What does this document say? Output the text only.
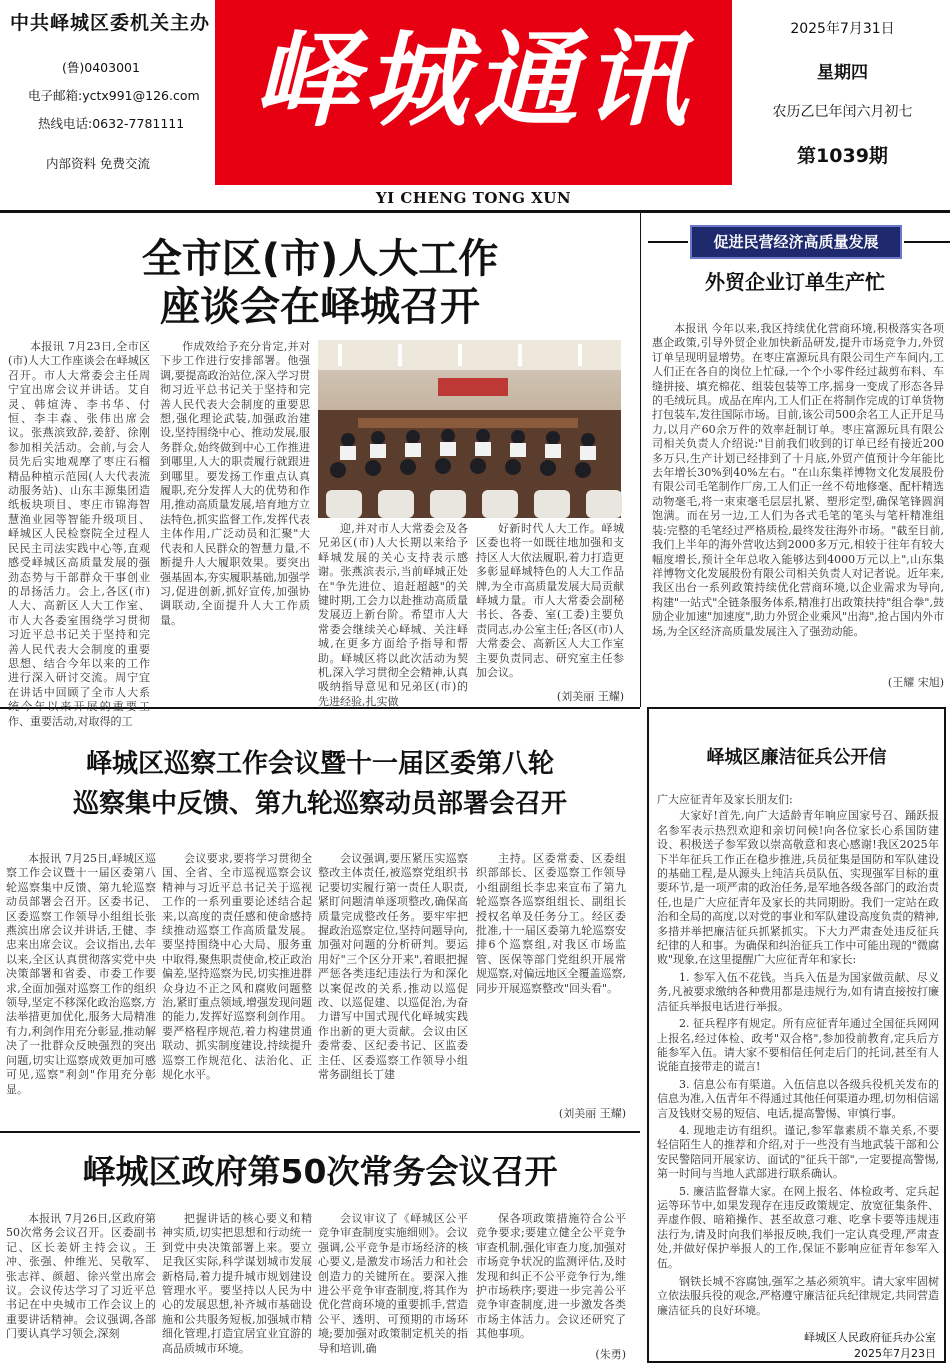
中共峄城区委机关主办
(鲁)0403001
电子邮箱:yctx991@126.com
热线电话:0632-7781111
内部资料 免费交流
峄城通讯	2025年7月31日
星期四
农历乙巳年闰六月初七
第1039期
YI CHENG TONG XUN
全市区(市)人大工作
座谈会在峄城召开

本报讯 7月23日,全市区(市)人大工作座谈会在峄城区召开。市人大常委会主任周宁宜出席会议并讲话。艾自灵、韩煊涛、李书华、付恒、李丰森、张伟出席会议。张燕滨致辞,姜舒、徐刚参加相关活动。会前,与会人员先后实地观摩了枣庄石榴精品种植示范园(人大代表流动服务站)、山东丰源集团造纸板块项目、枣庄市锦海智慧渔业园等智能升级项目、峄城区人民检察院全过程人民民主司法实践中心等,直观感受峄城区高质量发展的强劲态势与干部群众干事创业的昂扬活力。会上,各区(市)人大、高新区人大工作室、市人大各委室围绕学习贯彻习近平总书记关于坚持和完善人民代表大会制度的重要思想、结合今年以来的工作进行深入研讨交流。周宁宜在讲话中回顾了全市人大系统今年以来开展的重要工作、重要活动,对取得的工

作成效给予充分肯定,并对下步工作进行安排部署。他强调,要提高政治站位,深入学习贯彻习近平总书记关于坚持和完善人民代表大会制度的重要思想,强化理论武装,加强政治建设,坚持围绕中心、推动发展,服务群众,始终做到中心工作推进到哪里,人大的职责履行就跟进到哪里。要发扬工作重点认真履职,充分发挥人大的优势和作用,推动高质量发展,培育地方立法特色,抓实监督工作,发挥代表主体作用,广泛动员和汇聚"大代表和人民群众的智慧力量,不断提升人大履职效果。要突出强基固本,夯实履职基础,加强学习,促进创新,抓好宣传,加强协调联动,全面提升人大工作质量。

迎,并对市人大常委会及各兄弟区(市)人大长期以来给予峄城发展的关心支持表示感谢。张燕滨表示,当前峄城正处在"争先进位、追赶超越"的关键时期,工会力以赴推动高质量发展迈上新台阶。希望市人大常委会继续关心峄城、关注峄城,在更多方面给予指导和帮助。峄城区将以此次活动为契机,深入学习贯彻全会精神,认真吸纳指导意见和兄弟区(市)的先进经验,扎实做

好新时代人大工作。峄城区委也将一如既往地加强和支持区人大依法履职,着力打造更多彰显峄城特色的人大工作品牌,为全市高质量发展大局贡献峄城力量。市人大常委会副秘书长、各委、室(工委)主要负责同志,办公室主任;各区(市)人大常委会、高新区人大工作室主要负责同志、研究室主任参加会议。

(刘美丽 王耀)
峄城区巡察工作会议暨十一届区委第八轮
巡察集中反馈、第九轮巡察动员部署会召开

本报讯 7月25日,峄城区巡察工作会议暨十一届区委第八轮巡察集中反馈、第九轮巡察动员部署会召开。区委书记、区委巡察工作领导小组组长张燕滨出席会议并讲话,王健、李忠来出席会议。会议指出,去年以来,全区认真贯彻落实党中央决策部署和省委、市委工作要求,全面加强对巡察工作的组织领导,坚定不移深化政治巡察,方法举措更加优化,服务大局精准有力,利剑作用充分彰显,推动解决了一批群众反映强烈的突出问题,切实让巡察成效更加可感可见,巡察"利剑"作用充分彰显。

会议要求,要将学习贯彻全国、全省、全市巡视巡察会议精神与习近平总书记关于巡视工作的一系列重要论述结合起来,以高度的责任感和使命感持续推动巡察工作高质量发展。要坚持围绕中心大局、服务重中取得,聚焦职责使命,校正政治偏差,坚持巡察为民,切实推进群众身边不正之风和腐败问题整治,紧盯重点领域,增强发现问题的能力,发挥好巡察利剑作用。要严格程序规范,着力构建贯通联动、抓实制度建设,持续提升巡察工作规范化、法治化、正规化水平。

会议强调,要压紧压实巡察整改主体责任,被巡察党组织书记要切实履行第一责任人职责,紧盯问题清单逐项整改,确保高质量完成整改任务。要牢牢把握政治巡察定位,坚持问题导向,加强对问题的分析研判。要运用好"三个区分开来",着眼把握严惩各类违纪违法行为和深化以案促改的关系,推动以巡促改、以巡促建、以巡促治,为奋力谱写中国式现代化峄城实践作出新的更大贡献。会议由区委常委、区纪委书记、区监委主任、区委巡察工作领导小组常务副组长丁建

主持。区委常委、区委组织部部长、区委巡察工作领导小组副组长李忠来宣布了第九轮巡察各巡察组组长、副组长授权名单及任务分工。经区委批准,十一届区委第九轮巡察安排6个巡察组,对我区市场监管、医保等部门党组织开展常规巡察,对偏远地区全覆盖巡察,同步开展巡察整改"回头看"。

(刘美丽 王耀)
峄城区政府第50次常务会议召开

本报讯 7月26日,区政府第50次常务会议召开。区委副书记、区长姜妍主持会议。王冲、张强、仲维光、吴敬军、张志祥、颜超、徐兴堂出席会议。会议传达学习了习近平总书记在中央城市工作会议上的重要讲话精神。会议强调,各部门要认真学习领会,深刻

把握讲话的核心要义和精神实质,切实把思想和行动统一到党中央决策部署上来。要立足我区实际,科学谋划城市发展新格局,着力提升城市规划建设管理水平。要坚持以人民为中心的发展思想,补齐城市基础设施和公共服务短板,加强城市精细化管理,打造宜居宜业宜游的高品质城市环境。

会议审议了《峄城区公平竞争审查制度实施细则》。会议强调,公平竞争是市场经济的核心要义,是激发市场活力和社会创造力的关键所在。要深入推进公平竞争审查制度,将其作为优化营商环境的重要抓手,营造公平、透明、可预期的市场环境;要加强对政策制定机关的指导和培训,确

保各项政策措施符合公平竞争要求;要建立健全公平竞争审查机制,强化审查力度,加强对市场竞争状况的监测评估,及时发现和纠正不公平竞争行为,维护市场秩序;要进一步完善公平竞争审查制度,进一步激发各类市场主体活力。会议还研究了其他事项。

(朱勇)
促进民营经济高质量发展
外贸企业订单生产忙

本报讯 今年以来,我区持续优化营商环境,积极落实各项惠企政策,引导外贸企业加快新品研发,提升市场竞争力,外贸订单呈现明显增势。在枣庄富源玩具有限公司生产车间内,工人们正在各自的岗位上忙碌,一个个小零件经过裁剪布料、车缝拼接、填充棉花、组装包装等工序,摇身一变成了形态各异的毛绒玩具。成品在库内,工人们正在将制作完成的订单货物打包装车,发往国际市场。目前,该公司500余名工人正开足马力,以月产60余万件的效率赶制订单。枣庄富源玩具有限公司相关负责人介绍说:"目前我们收到的订单已经有接近200多万只,生产计划已经排到了十月底,外贸产值预计今年能比去年增长30%到40%左右。"在山东集祥博物文化发展股份有限公司毛笔制作厂房,工人们正一丝不苟地修毫、配杆精选动物毫毛,将一束束毫毛层层扎紧、塑形定型,确保笔锋圆润饱满。而在另一边,工人们为各式毛笔的笔头与笔杆精准组装:完整的毛笔经过严格质检,最终发往海外市场。"截至目前,我们上半年的海外营收达到2000多万元,相较于往年有较大幅度增长,预计全年总收入能够达到4000万元以上",山东集祥博物文化发展股份有限公司相关负责人对记者说。近年来,我区出台一系列政策持续优化营商环境,以企业需求为导向,构建"一站式"全链条服务体系,精准打出政策扶持"组合拳",鼓励企业加速"加速度",助力外贸企业乘风"出海",抢占国内外市场,为全区经济高质量发展注入了强劲动能。

(王耀 宋旭)
峄城区廉洁征兵公开信
广大应征青年及家长朋友们:

大家好!首先,向广大适龄青年响应国家号召、踊跃报名参军表示热烈欢迎和亲切问候!向各位家长心系国防建设、积极送子参军致以崇高敬意和衷心感谢!我区2025年下半年征兵工作正在稳步推进,兵员征集是国防和军队建设的基础工程,是从源头上纯洁兵员队伍、实现强军目标的重要环节,是一项严肃的政治任务,是军地各级各部门的政治责任,也是广大应征青年及家长的共同期盼。我们一定站在政治和全局的高度,以对党的事业和军队建设高度负责的精神,多措并举把廉洁征兵抓紧抓实。下大力严肃查处违反征兵纪律的人和事。为确保和纠治征兵工作中可能出现的"微腐败"现象,在这里提醒广大应征青年和家长:

1. 参军入伍不花钱。当兵入伍是为国家做贡献、尽义务,凡被要求缴纳各种费用都是违规行为,如有请直接按打廉洁征兵举报电话进行举报。

2. 征兵程序有规定。所有应征青年通过全国征兵网网上报名,经过体检、政考"双合格",参加役前教育,定兵后方能参军入伍。请大家不要相信任何走后门的托词,甚至有人说能直接带走的谎言!

3. 信息公布有渠道。入伍信息以各级兵役机关发布的信息为准,入伍青年不得通过其他任何渠道办理,切勿相信谣言及钱财交易的短信、电话,提高警惕、审慎行事。

4. 现地走访有组织。谨记,参军靠素质不靠关系,不要轻信陌生人的推荐和介绍,对于一些没有当地武装干部和公安民警陪同开展家访、面试的"征兵干部",一定要提高警惕,第一时间与当地人武部进行联系确认。

5. 廉洁监督靠大家。在网上报名、体检政考、定兵起运等环节中,如果发现存在违反政策规定、放宽征集条件、弄虚作假、暗箱操作、甚至故意刁难、吃拿卡要等违规违法行为,请及时向我们举报反映,我们一定认真受理,严肃查处,并做好保护举报人的工作,保证不影响应征青年参军入伍。

钢铁长城不容腐蚀,强军之基必须筑牢。请大家牢固树立依法服兵役的观念,严格遵守廉洁征兵纪律规定,共同营造廉洁征兵的良好环境。

峄城区人民政府征兵办公室
2025年7月23日
